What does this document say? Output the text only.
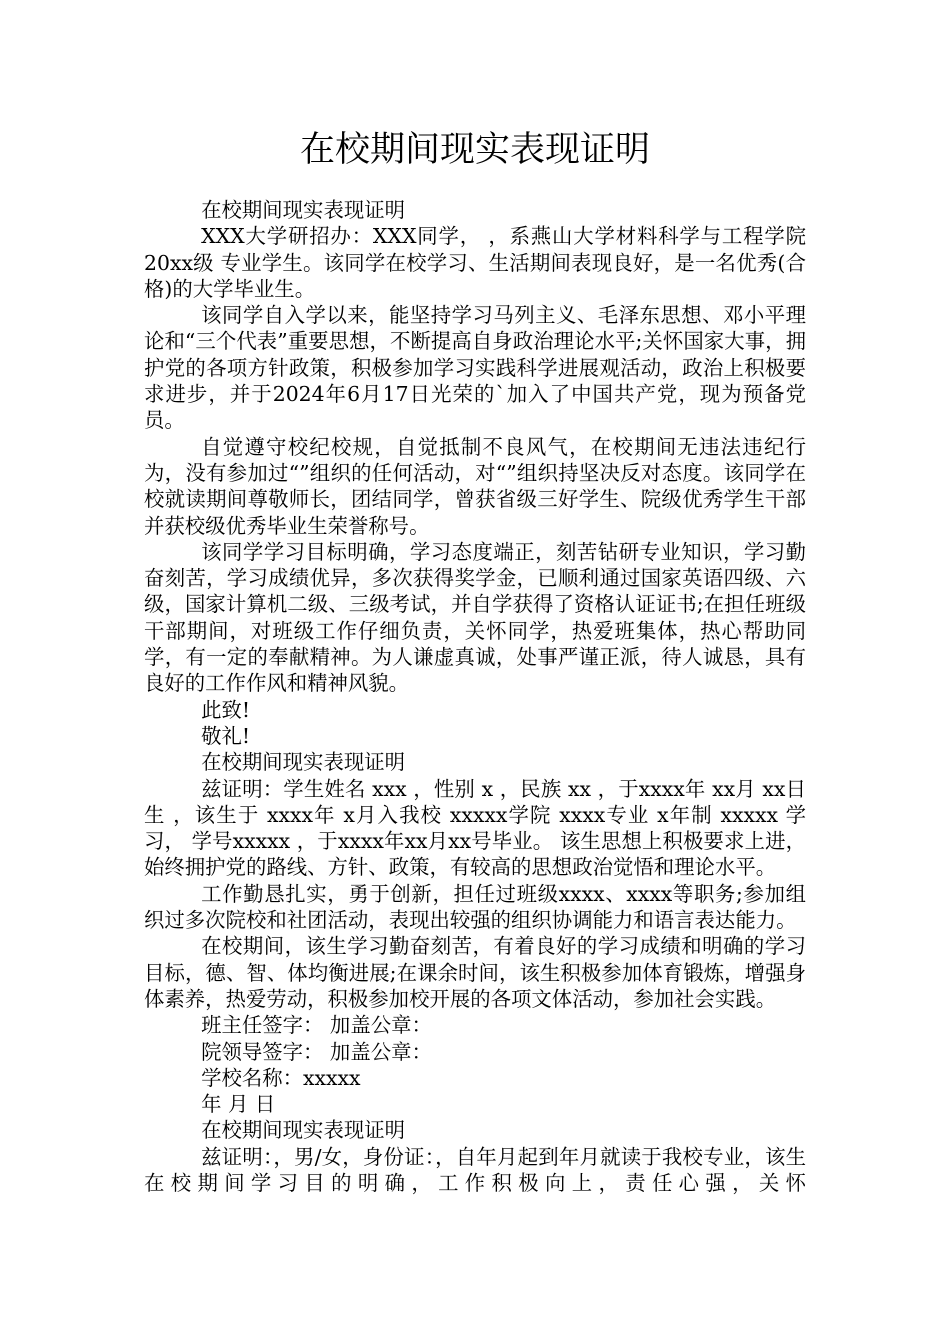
在校期间现实表现证明

在校期间现实表现证明

XXX大学研招办：XXX同学， ，系燕山大学材料科学与工程学院20xx级 专业学生。该同学在校学习、生活期间表现良好，是一名优秀(合格)的大学毕业生。

该同学自入学以来，能坚持学习马列主义、毛泽东思想、邓小平理论和“三个代表”重要思想，不断提高自身政治理论水平;关怀国家大事，拥护党的各项方针政策，积极参加学习实践科学进展观活动，政治上积极要求进步，并于2024年6月17日光荣的`加入了中国共产党，现为预备党员。

自觉遵守校纪校规，自觉抵制不良风气，在校期间无违法违纪行为，没有参加过“”组织的任何活动，对“”组织持坚决反对态度。该同学在校就读期间尊敬师长，团结同学，曾获省级三好学生、院级优秀学生干部并获校级优秀毕业生荣誉称号。

该同学学习目标明确，学习态度端正，刻苦钻研专业知识，学习勤奋刻苦，学习成绩优异，多次获得奖学金，已顺利通过国家英语四级、六级，国家计算机二级、三级考试，并自学获得了资格认证证书;在担任班级干部期间，对班级工作仔细负责，关怀同学，热爱班集体，热心帮助同学，有一定的奉献精神。为人谦虚真诚，处事严谨正派，待人诚恳，具有良好的工作作风和精神风貌。

此致!

敬礼!

在校期间现实表现证明

兹证明：学生姓名 xxx ，性别 x ，民族 xx ，于xxxx年 xx月 xx日生 ，该生于 xxxx年 x月入我校 xxxxx学院 xxxx专业 x年制 xxxxx 学习， 学号xxxxx ，于xxxx年xx月xx号毕业。 该生思想上积极要求上进，始终拥护党的路线、方针、政策，有较高的思想政治觉悟和理论水平。

工作勤恳扎实，勇于创新，担任过班级xxxx、xxxx等职务;参加组织过多次院校和社团活动，表现出较强的组织协调能力和语言表达能力。

在校期间，该生学习勤奋刻苦，有着良好的学习成绩和明确的学习目标，德、智、体均衡进展;在课余时间，该生积极参加体育锻炼，增强身体素养，热爱劳动，积极参加校开展的各项文体活动，参加社会实践。

班主任签字： 加盖公章：

院领导签字： 加盖公章：

学校名称：xxxxx

年 月 日

在校期间现实表现证明

兹证明：，男/女，身份证：，自年月起到年月就读于我校专业，该生在校期间学习目的明确，工作积极向上，责任心强，关怀
